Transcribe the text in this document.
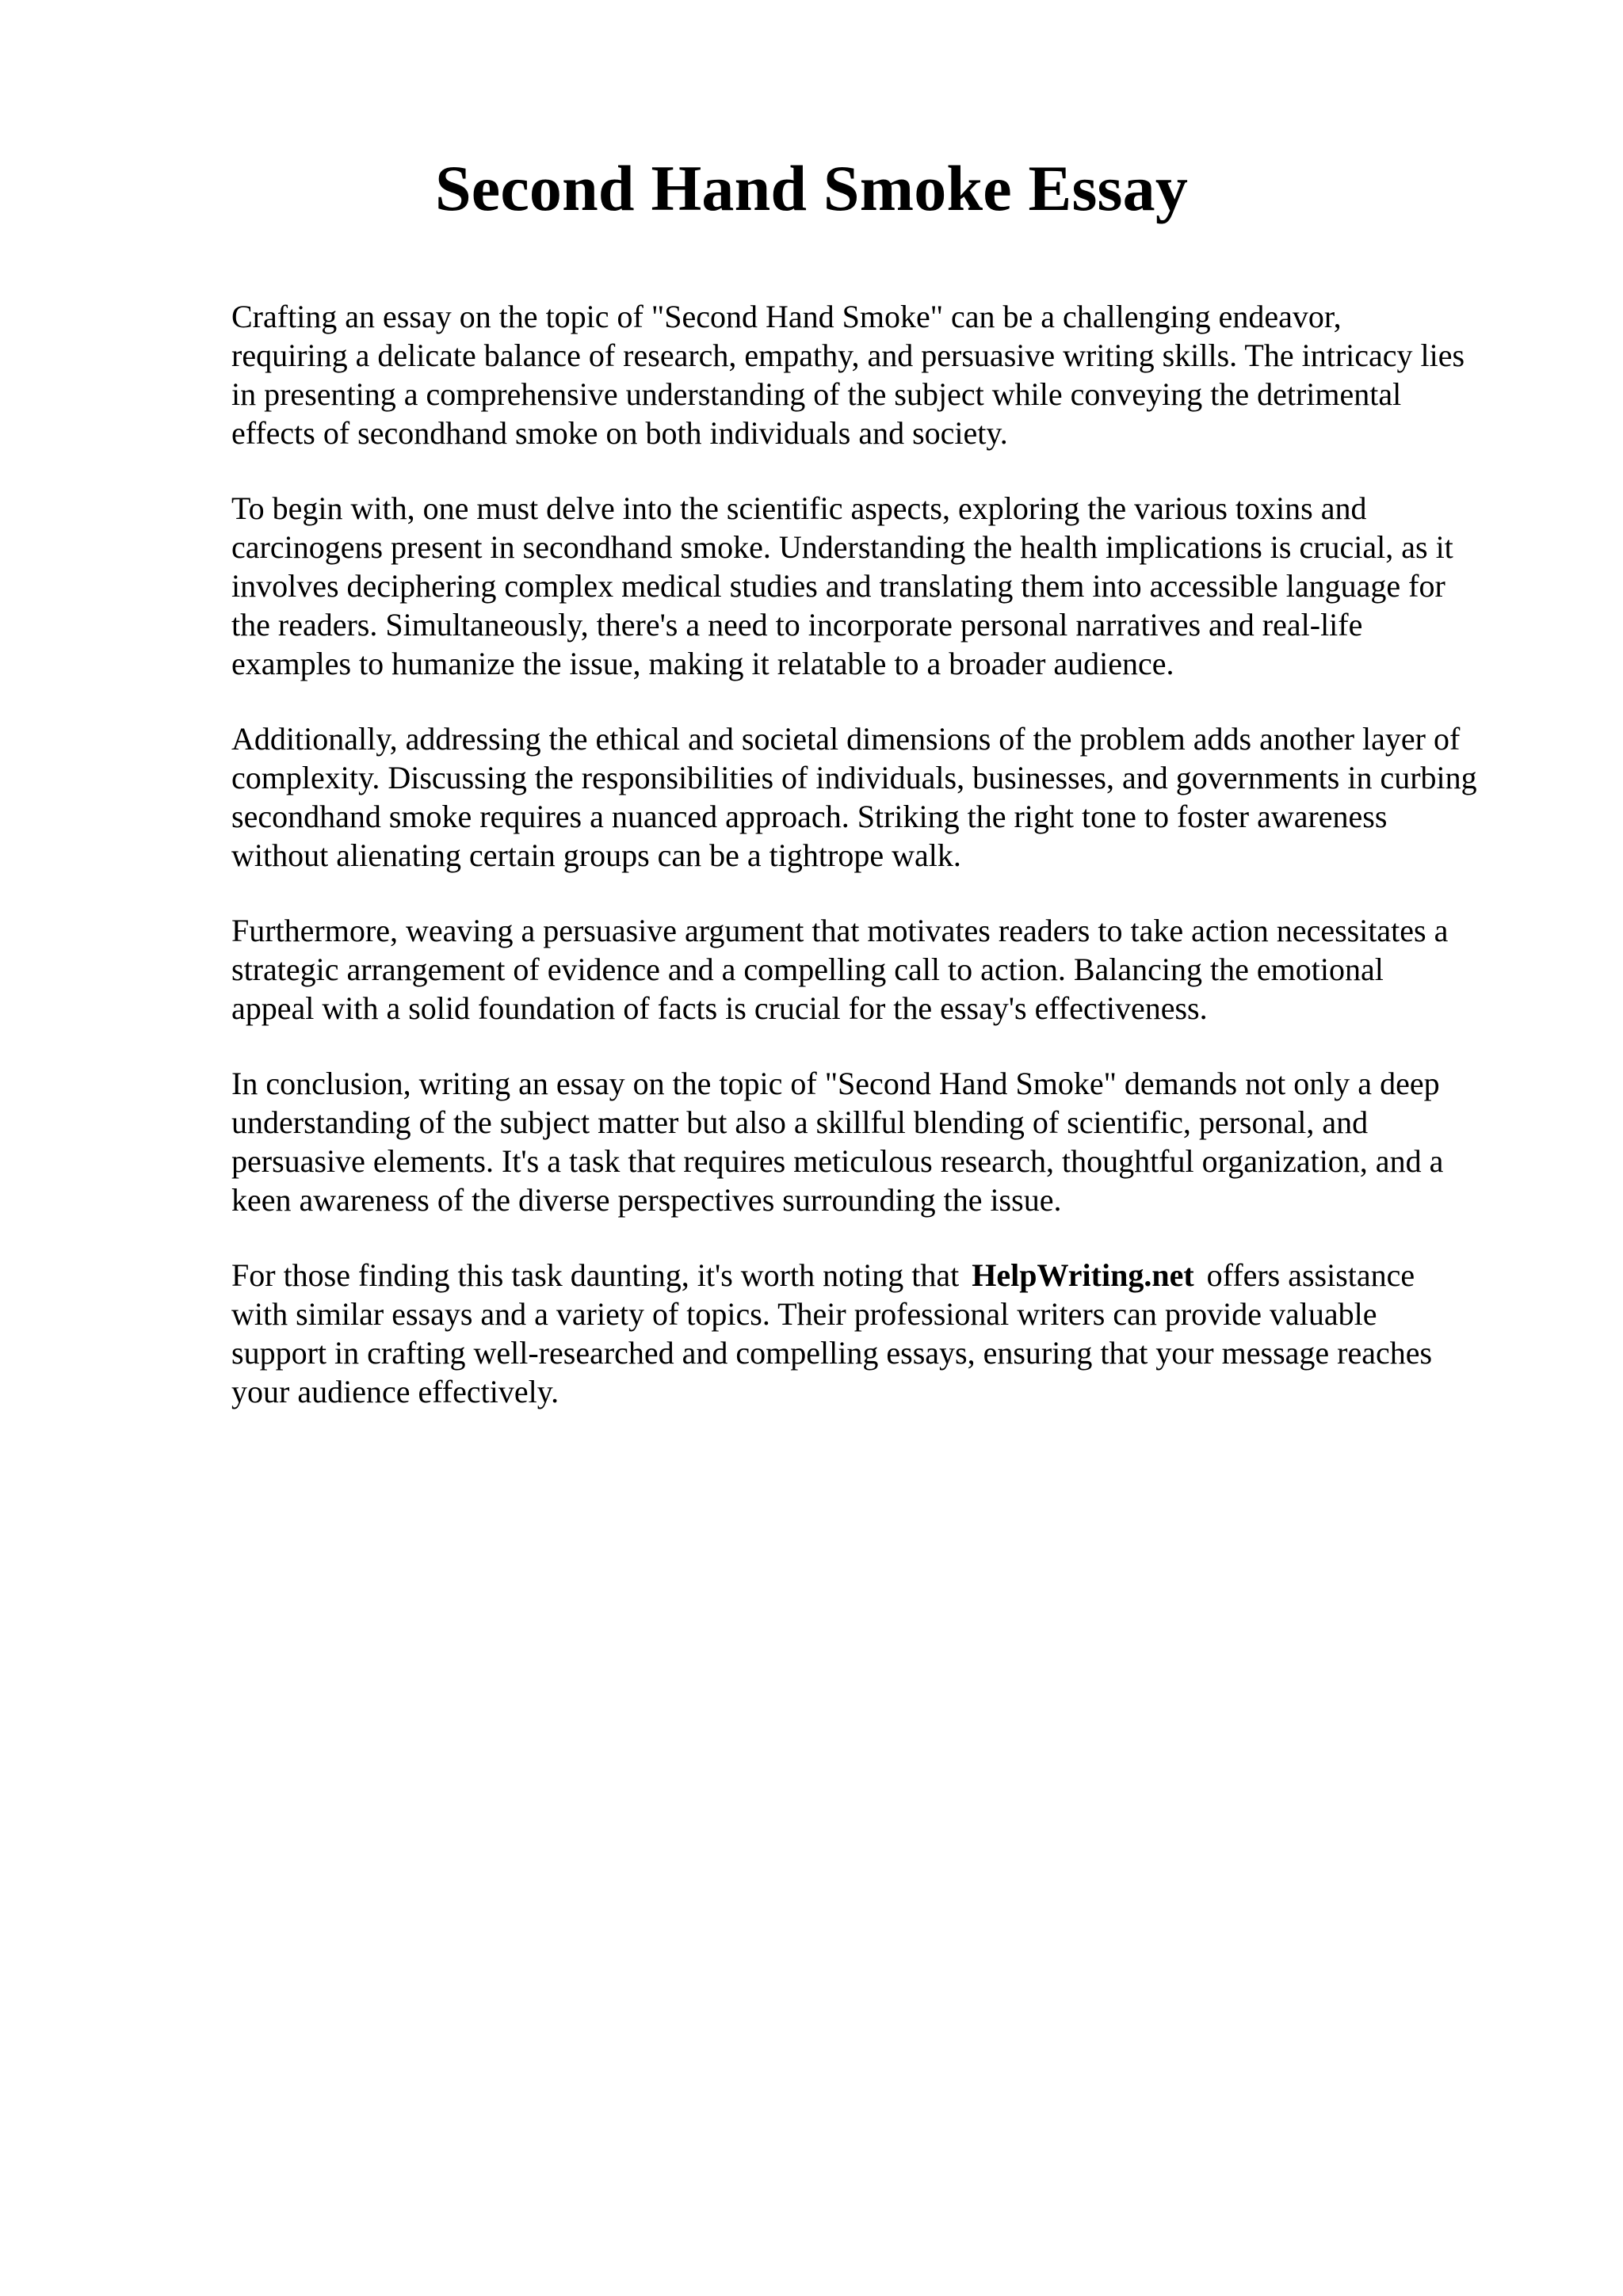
Second Hand Smoke Essay

Crafting an essay on the topic of "Second Hand Smoke" can be a challenging endeavor,
requiring a delicate balance of research, empathy, and persuasive writing skills. The intricacy lies
in presenting a comprehensive understanding of the subject while conveying the detrimental
effects of secondhand smoke on both individuals and society.

To begin with, one must delve into the scientific aspects, exploring the various toxins and
carcinogens present in secondhand smoke. Understanding the health implications is crucial, as it
involves deciphering complex medical studies and translating them into accessible language for
the readers. Simultaneously, there's a need to incorporate personal narratives and real-life
examples to humanize the issue, making it relatable to a broader audience.

Additionally, addressing the ethical and societal dimensions of the problem adds another layer of
complexity. Discussing the responsibilities of individuals, businesses, and governments in curbing
secondhand smoke requires a nuanced approach. Striking the right tone to foster awareness
without alienating certain groups can be a tightrope walk.

Furthermore, weaving a persuasive argument that motivates readers to take action necessitates a
strategic arrangement of evidence and a compelling call to action. Balancing the emotional
appeal with a solid foundation of facts is crucial for the essay's effectiveness.

In conclusion, writing an essay on the topic of "Second Hand Smoke" demands not only a deep
understanding of the subject matter but also a skillful blending of scientific, personal, and
persuasive elements. It's a task that requires meticulous research, thoughtful organization, and a
keen awareness of the diverse perspectives surrounding the issue.

For those finding this task daunting, it's worth noting that HelpWriting.net offers assistance
with similar essays and a variety of topics. Their professional writers can provide valuable
support in crafting well-researched and compelling essays, ensuring that your message reaches
your audience effectively.
